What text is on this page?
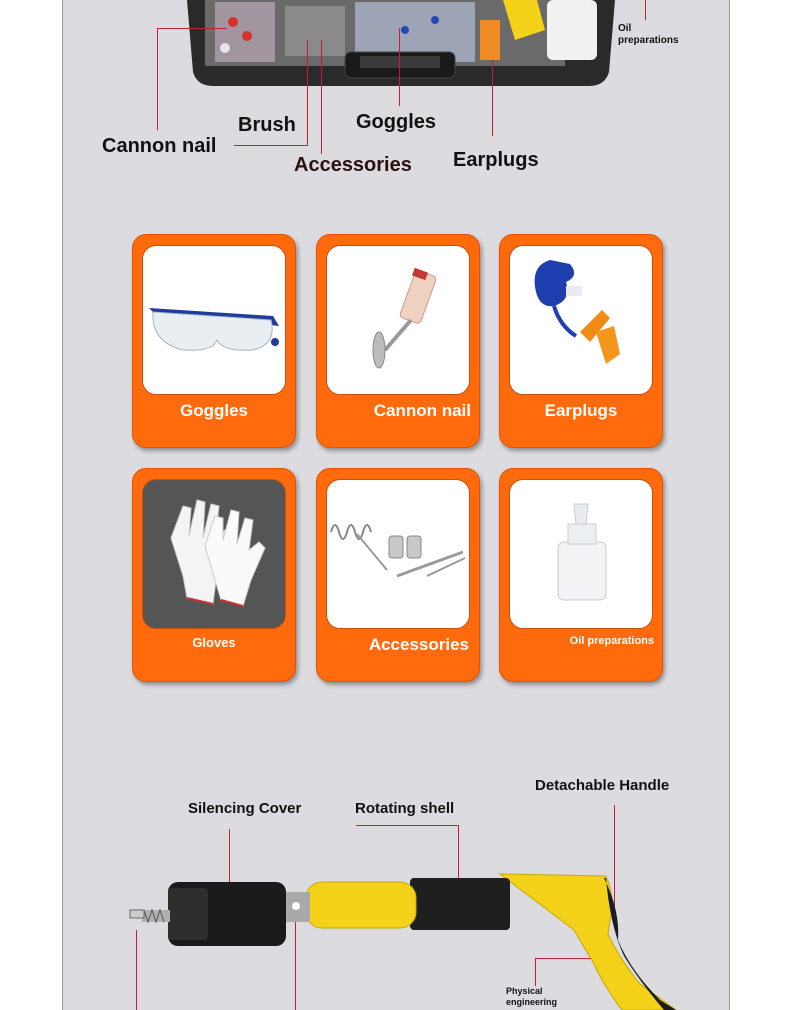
Cannon nail
Brush	Goggles
Accessories Earplugs
Oil preparations
Goggles	Cannon nail	Earplugs
Gloves	Accessories	Oil preparations
Silencing Cover	Rotating shell
Detachable Handle
Physical engineering
